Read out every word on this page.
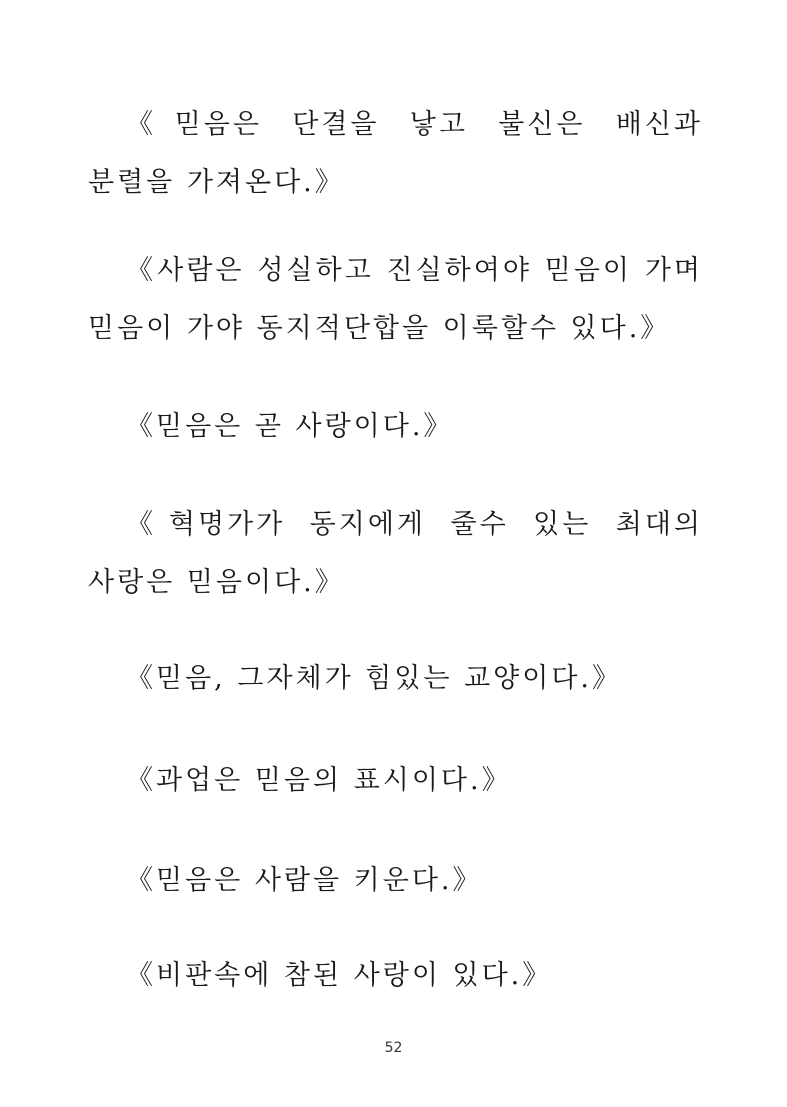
《믿음은 단결을 낳고 불신은 배신과 분렬을 가져온다.》

《사람은 성실하고 진실하여야 믿음이 가며 믿음이 가야 동지적단합을 이룩할수 있다.》

《믿음은 곧 사랑이다.》

《혁명가가 동지에게 줄수 있는 최대의 사랑은 믿음이다.》

《믿음, 그자체가 힘있는 교양이다.》

《과업은 믿음의 표시이다.》

《믿음은 사람을 키운다.》

《비판속에 참된 사랑이 있다.》

52
